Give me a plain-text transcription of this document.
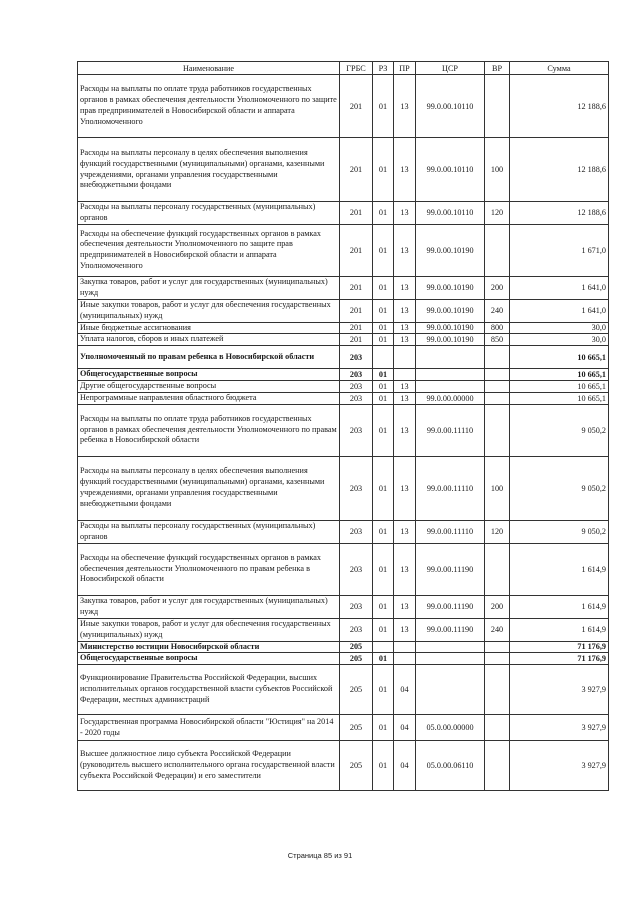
Наименование	ГРБС	РЗ	ПР	ЦСР	ВР	Сумма
Расходы на выплаты по оплате труда работников государственных органов в рамках обеспечения деятельности Уполномоченного по защите прав предпринимателей в Новосибирской области и аппарата Уполномоченного	201	01	13	99.0.00.10110		12 188,6
Расходы на выплаты персоналу в целях обеспечения выполнения функций государственными (муниципальными) органами, казенными учреждениями, органами управления государственными внебюджетными фондами	201	01	13	99.0.00.10110	100	12 188,6
Расходы на выплаты персоналу государственных (муниципальных) органов	201	01	13	99.0.00.10110	120	12 188,6
Расходы на обеспечение функций государственных органов в рамках обеспечения деятельности Уполномоченного по защите прав предпринимателей в Новосибирской области и аппарата Уполномоченного	201	01	13	99.0.00.10190		1 671,0
Закупка товаров, работ и услуг для государственных (муниципальных) нужд	201	01	13	99.0.00.10190	200	1 641,0
Иные закупки товаров, работ и услуг для обеспечения государственных (муниципальных) нужд	201	01	13	99.0.00.10190	240	1 641,0
Иные бюджетные ассигнования	201	01	13	99.0.00.10190	800	30,0
Уплата налогов, сборов и иных платежей	201	01	13	99.0.00.10190	850	30,0
Уполномоченный по правам ребенка в Новосибирской области	203					10 665,1
Общегосударственные вопросы	203	01				10 665,1
Другие общегосударственные вопросы	203	01	13			10 665,1
Непрограммные направления областного бюджета	203	01	13	99.0.00.00000		10 665,1
Расходы на выплаты по оплате труда работников государственных органов в рамках обеспечения деятельности Уполномоченного по правам ребенка в Новосибирской области	203	01	13	99.0.00.11110		9 050,2
Расходы на выплаты персоналу в целях обеспечения выполнения функций государственными (муниципальными) органами, казенными учреждениями, органами управления государственными внебюджетными фондами	203	01	13	99.0.00.11110	100	9 050,2
Расходы на выплаты персоналу государственных (муниципальных) органов	203	01	13	99.0.00.11110	120	9 050,2
Расходы на обеспечение функций государственных органов в рамках обеспечения деятельности Уполномоченного по правам ребенка в Новосибирской области	203	01	13	99.0.00.11190		1 614,9
Закупка товаров, работ и услуг для государственных (муниципальных) нужд	203	01	13	99.0.00.11190	200	1 614,9
Иные закупки товаров, работ и услуг для обеспечения государственных (муниципальных) нужд	203	01	13	99.0.00.11190	240	1 614,9
Министерство юстиции Новосибирской области	205					71 176,9
Общегосударственные вопросы	205	01				71 176,9
Функционирование Правительства Российской Федерации, высших исполнительных органов государственной власти субъектов Российской Федерации, местных администраций	205	01	04			3 927,9
Государственная программа Новосибирской области "Юстиция" на 2014 - 2020 годы	205	01	04	05.0.00.00000		3 927,9
Высшее должностное лицо субъекта Российской Федерации (руководитель высшего исполнительного органа государственной власти субъекта Российской Федерации) и его заместители	205	01	04	05.0.00.06110		3 927,9
Страница 85 из 91
